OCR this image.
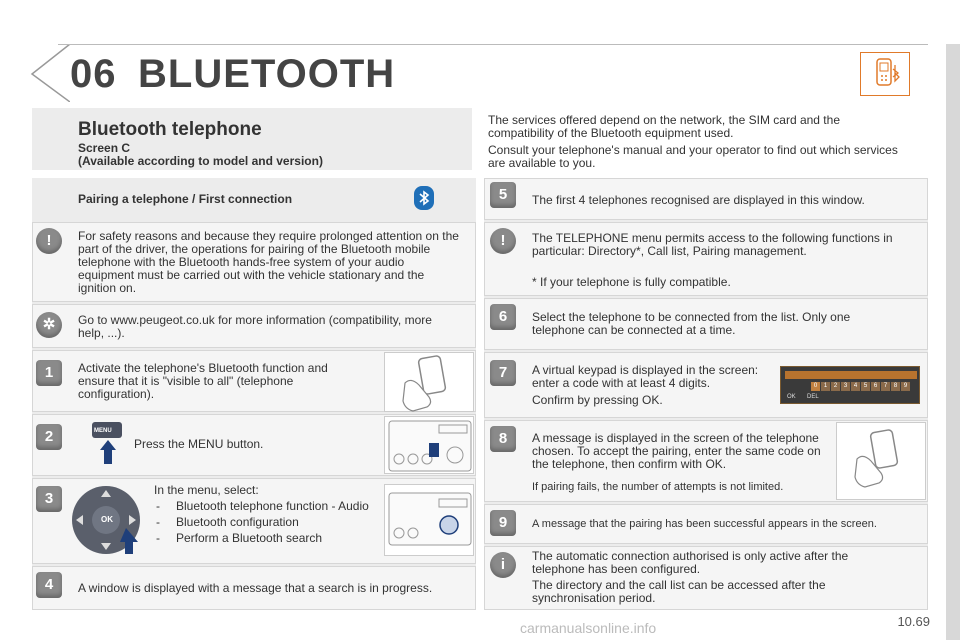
06 BLUETOOTH
Bluetooth telephone
Screen C
(Available according to model and version)
The services offered depend on the network, the SIM card and the compatibility of the Bluetooth equipment used.
Consult your telephone's manual and your operator to find out which services are available to you.
Pairing a telephone / First connection
!	For safety reasons and because they require prolonged attention on the part of the driver, the operations for pairing of the Bluetooth mobile telephone with the Bluetooth hands-free system of your audio equipment must be carried out with the vehicle stationary and the ignition on.
✲	Go to www.peugeot.co.uk for more information (compatibility, more help, ...).
1	Activate the telephone's Bluetooth function and ensure that it is "visible to all" (telephone configuration).
2	MENU
Press the MENU button.
3
OK
In the menu, select:
- Bluetooth telephone function - Audio
- Bluetooth configuration
- Perform a Bluetooth search
4	A window is displayed with a message that a search is in progress.
5	The first 4 telephones recognised are displayed in this window.
!	The TELEPHONE menu permits access to the following functions in particular: Directory*, Call list, Pairing management.
* If your telephone is fully compatible.
6	Select the telephone to be connected from the list. Only one telephone can be connected at a time.
7	A virtual keypad is displayed in the screen: enter a code with at least 4 digits.
Confirm by pressing OK.
0	1	2	3	4	5	6	7	8	9
OK DEL
8	A message is displayed in the screen of the telephone chosen. To accept the pairing, enter the same code on the telephone, then confirm with OK.
If pairing fails, the number of attempts is not limited.
9	A message that the pairing has been successful appears in the screen.
i	The automatic connection authorised is only active after the telephone has been configured.
The directory and the call list can be accessed after the synchronisation period.
10.69
carmanualsonline.info
